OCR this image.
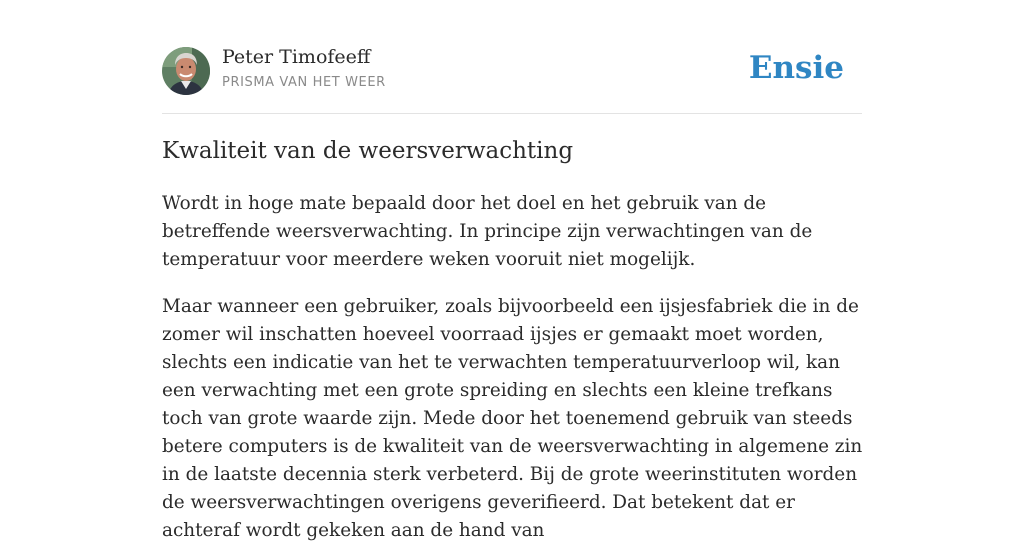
Peter Timofeeff
PRISMA VAN HET WEER	Ensie
Kwaliteit van de weersverwachting

Wordt in hoge mate bepaald door het doel en het gebruik van de betreffende weersverwachting. In principe zijn verwachtingen van de temperatuur voor meerdere weken vooruit niet mogelijk.

Maar wanneer een gebruiker, zoals bijvoorbeeld een ijsjesfabriek die in de zomer wil inschatten hoeveel voorraad ijsjes er gemaakt moet worden, slechts een indicatie van het te verwachten temperatuurverloop wil, kan een verwachting met een grote spreiding en slechts een kleine trefkans toch van grote waarde zijn. Mede door het toenemend gebruik van steeds betere computers is de kwaliteit van de weersverwachting in algemene zin in de laatste decennia sterk verbeterd. Bij de grote weerinstituten worden de weersverwachtingen overigens geverifieerd. Dat betekent dat er achteraf wordt gekeken aan de hand van
